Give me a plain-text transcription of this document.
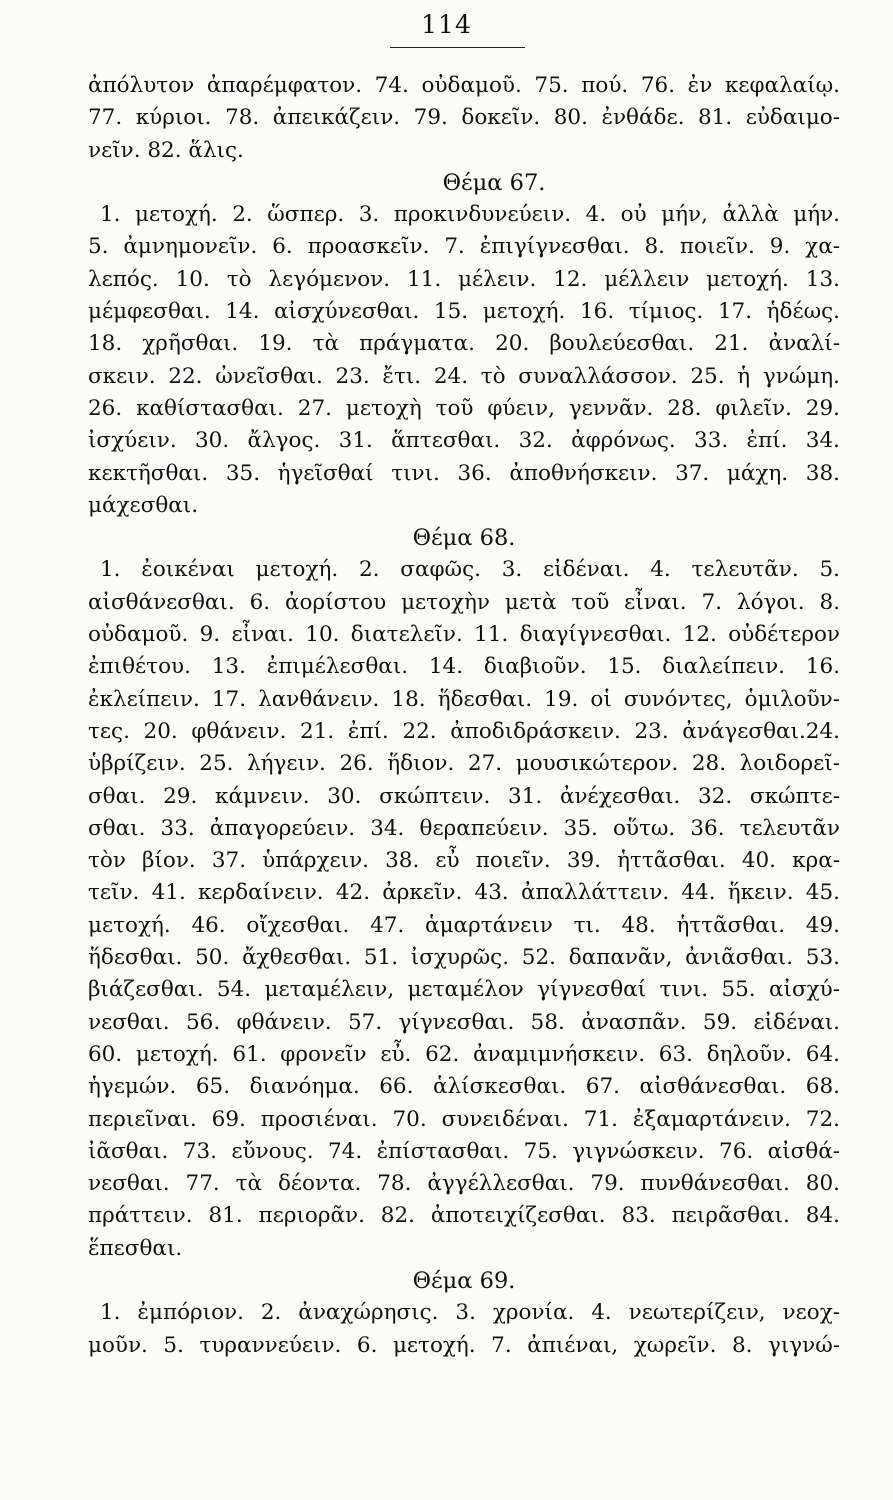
114
ἀπόλυτον ἀπαρέμφατον. 74. οὐδαμοῦ. 75. πού. 76. ἐν κεφαλαίῳ.
77. κύριοι. 78. ἀπεικάζειν. 79. δοκεῖν. 80. ἐνθάδε. 81. εὐδαιμο-
νεῖν. 82. ἅλις.
Θέμα 67.
1. μετοχή. 2. ὥσπερ. 3. προκινδυνεύειν. 4. οὐ μήν, ἀλλὰ μήν.
5. ἀμνημονεῖν. 6. προασκεῖν. 7. ἐπιγίγνεσθαι. 8. ποιεῖν. 9. χα-
λεπός. 10. τὸ λεγόμενον. 11. μέλειν. 12. μέλλειν μετοχή. 13.
μέμφεσθαι. 14. αἰσχύνεσθαι. 15. μετοχή. 16. τίμιος. 17. ἡδέως.
18. χρῆσθαι. 19. τὰ πράγματα. 20. βουλεύεσθαι. 21. ἀναλί-
σκειν. 22. ὠνεῖσθαι. 23. ἔτι. 24. τὸ συναλλάσσον. 25. ἡ γνώμη.
26. καθίστασθαι. 27. μετοχὴ τοῦ φύειν, γεννᾶν. 28. φιλεῖν. 29.
ἰσχύειν. 30. ἄλγος. 31. ἅπτεσθαι. 32. ἀφρόνως. 33. ἐπί. 34.
κεκτῆσθαι. 35. ἡγεῖσθαί τινι. 36. ἀποθνήσκειν. 37. μάχη. 38.
μάχεσθαι.
Θέμα 68.
1. ἐοικέναι μετοχή. 2. σαφῶς. 3. εἰδέναι. 4. τελευτᾶν. 5.
αἰσθάνεσθαι. 6. ἀορίστου μετοχὴν μετὰ τοῦ εἶναι. 7. λόγοι. 8.
οὐδαμοῦ. 9. εἶναι. 10. διατελεῖν. 11. διαγίγνεσθαι. 12. οὐδέτερον
ἐπιθέτου. 13. ἐπιμέλεσθαι. 14. διαβιοῦν. 15. διαλείπειν. 16.
ἐκλείπειν. 17. λανθάνειν. 18. ἥδεσθαι. 19. οἱ συνόντες, ὁμιλοῦν-
τες. 20. φθάνειν. 21. ἐπί. 22. ἀποδιδράσκειν. 23. ἀνάγεσθαι.24.
ὑβρίζειν. 25. λήγειν. 26. ἥδιον. 27. μουσικώτερον. 28. λοιδορεῖ-
σθαι. 29. κάμνειν. 30. σκώπτειν. 31. ἀνέχεσθαι. 32. σκώπτε-
σθαι. 33. ἀπαγορεύειν. 34. θεραπεύειν. 35. οὕτω. 36. τελευτᾶν
τὸν βίον. 37. ὑπάρχειν. 38. εὖ ποιεῖν. 39. ἡττᾶσθαι. 40. κρα-
τεῖν. 41. κερδαίνειν. 42. ἀρκεῖν. 43. ἀπαλλάττειν. 44. ἥκειν. 45.
μετοχή. 46. οἴχεσθαι. 47. ἁμαρτάνειν τι. 48. ἡττᾶσθαι. 49.
ἥδεσθαι. 50. ἄχθεσθαι. 51. ἰσχυρῶς. 52. δαπανᾶν, ἀνιᾶσθαι. 53.
βιάζεσθαι. 54. μεταμέλειν, μεταμέλον γίγνεσθαί τινι. 55. αἰσχύ-
νεσθαι. 56. φθάνειν. 57. γίγνεσθαι. 58. ἀνασπᾶν. 59. εἰδέναι.
60. μετοχή. 61. φρονεῖν εὖ. 62. ἀναμιμνήσκειν. 63. δηλοῦν. 64.
ἡγεμών. 65. διανόημα. 66. ἁλίσκεσθαι. 67. αἰσθάνεσθαι. 68.
περιεῖναι. 69. προσιέναι. 70. συνειδέναι. 71. ἐξαμαρτάνειν. 72.
ἰᾶσθαι. 73. εὔνους. 74. ἐπίστασθαι. 75. γιγνώσκειν. 76. αἰσθά-
νεσθαι. 77. τὰ δέοντα. 78. ἀγγέλλεσθαι. 79. πυνθάνεσθαι. 80.
πράττειν. 81. περιορᾶν. 82. ἀποτειχίζεσθαι. 83. πειρᾶσθαι. 84.
ἕπεσθαι.
Θέμα 69.
1. ἐμπόριον. 2. ἀναχώρησις. 3. χρονία. 4. νεωτερίζειν, νεοχ-
μοῦν. 5. τυραννεύειν. 6. μετοχή. 7. ἀπιέναι, χωρεῖν. 8. γιγνώ-
